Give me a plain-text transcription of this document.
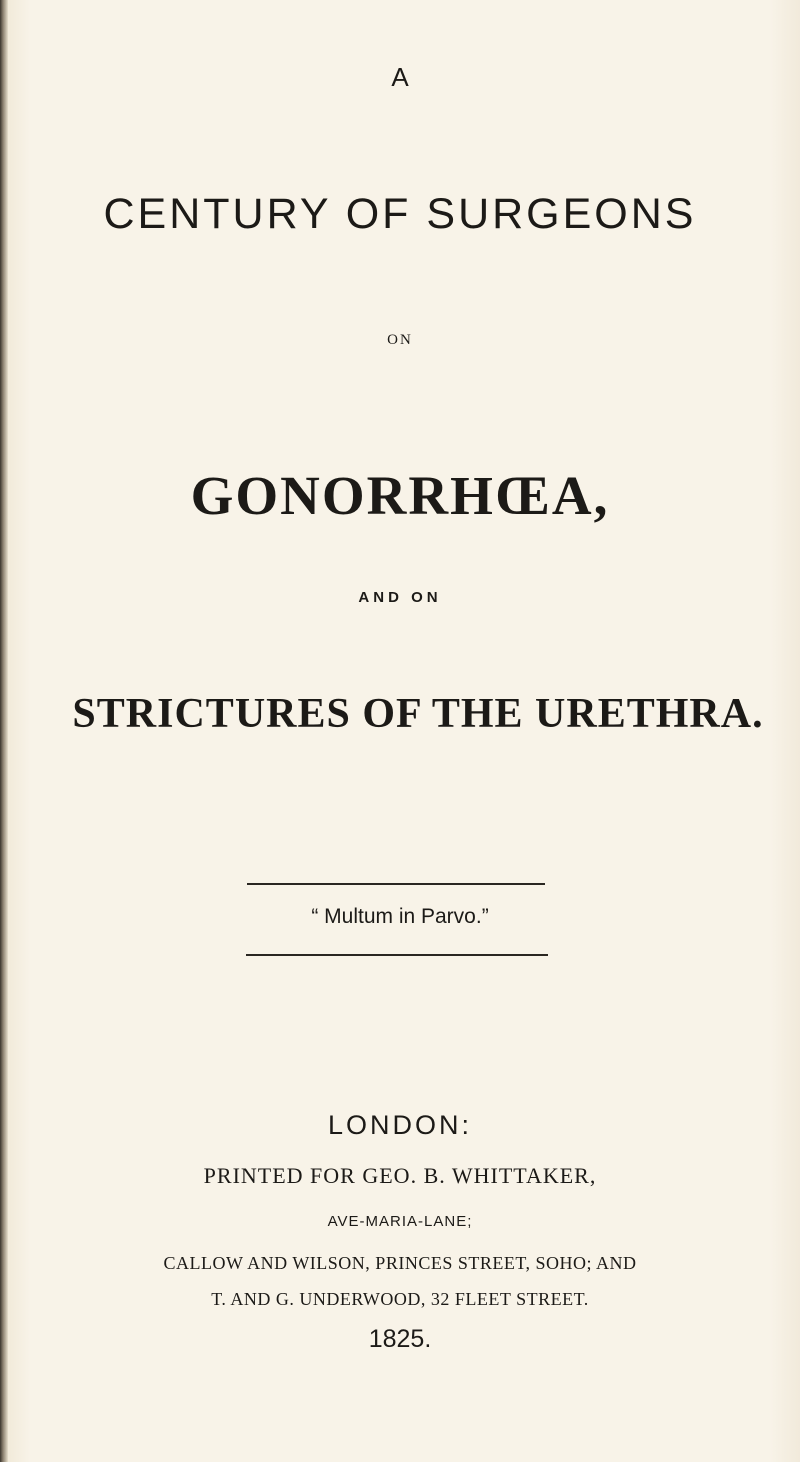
A
CENTURY OF SURGEONS
ON
GONORRHŒA,
AND ON
STRICTURES OF THE URETHRA.
“ Multum in Parvo.”
LONDON:
PRINTED FOR GEO. B. WHITTAKER,
AVE-MARIA-LANE;
CALLOW AND WILSON, PRINCES STREET, SOHO; AND
T. AND G. UNDERWOOD, 32 FLEET STREET.
1825.
